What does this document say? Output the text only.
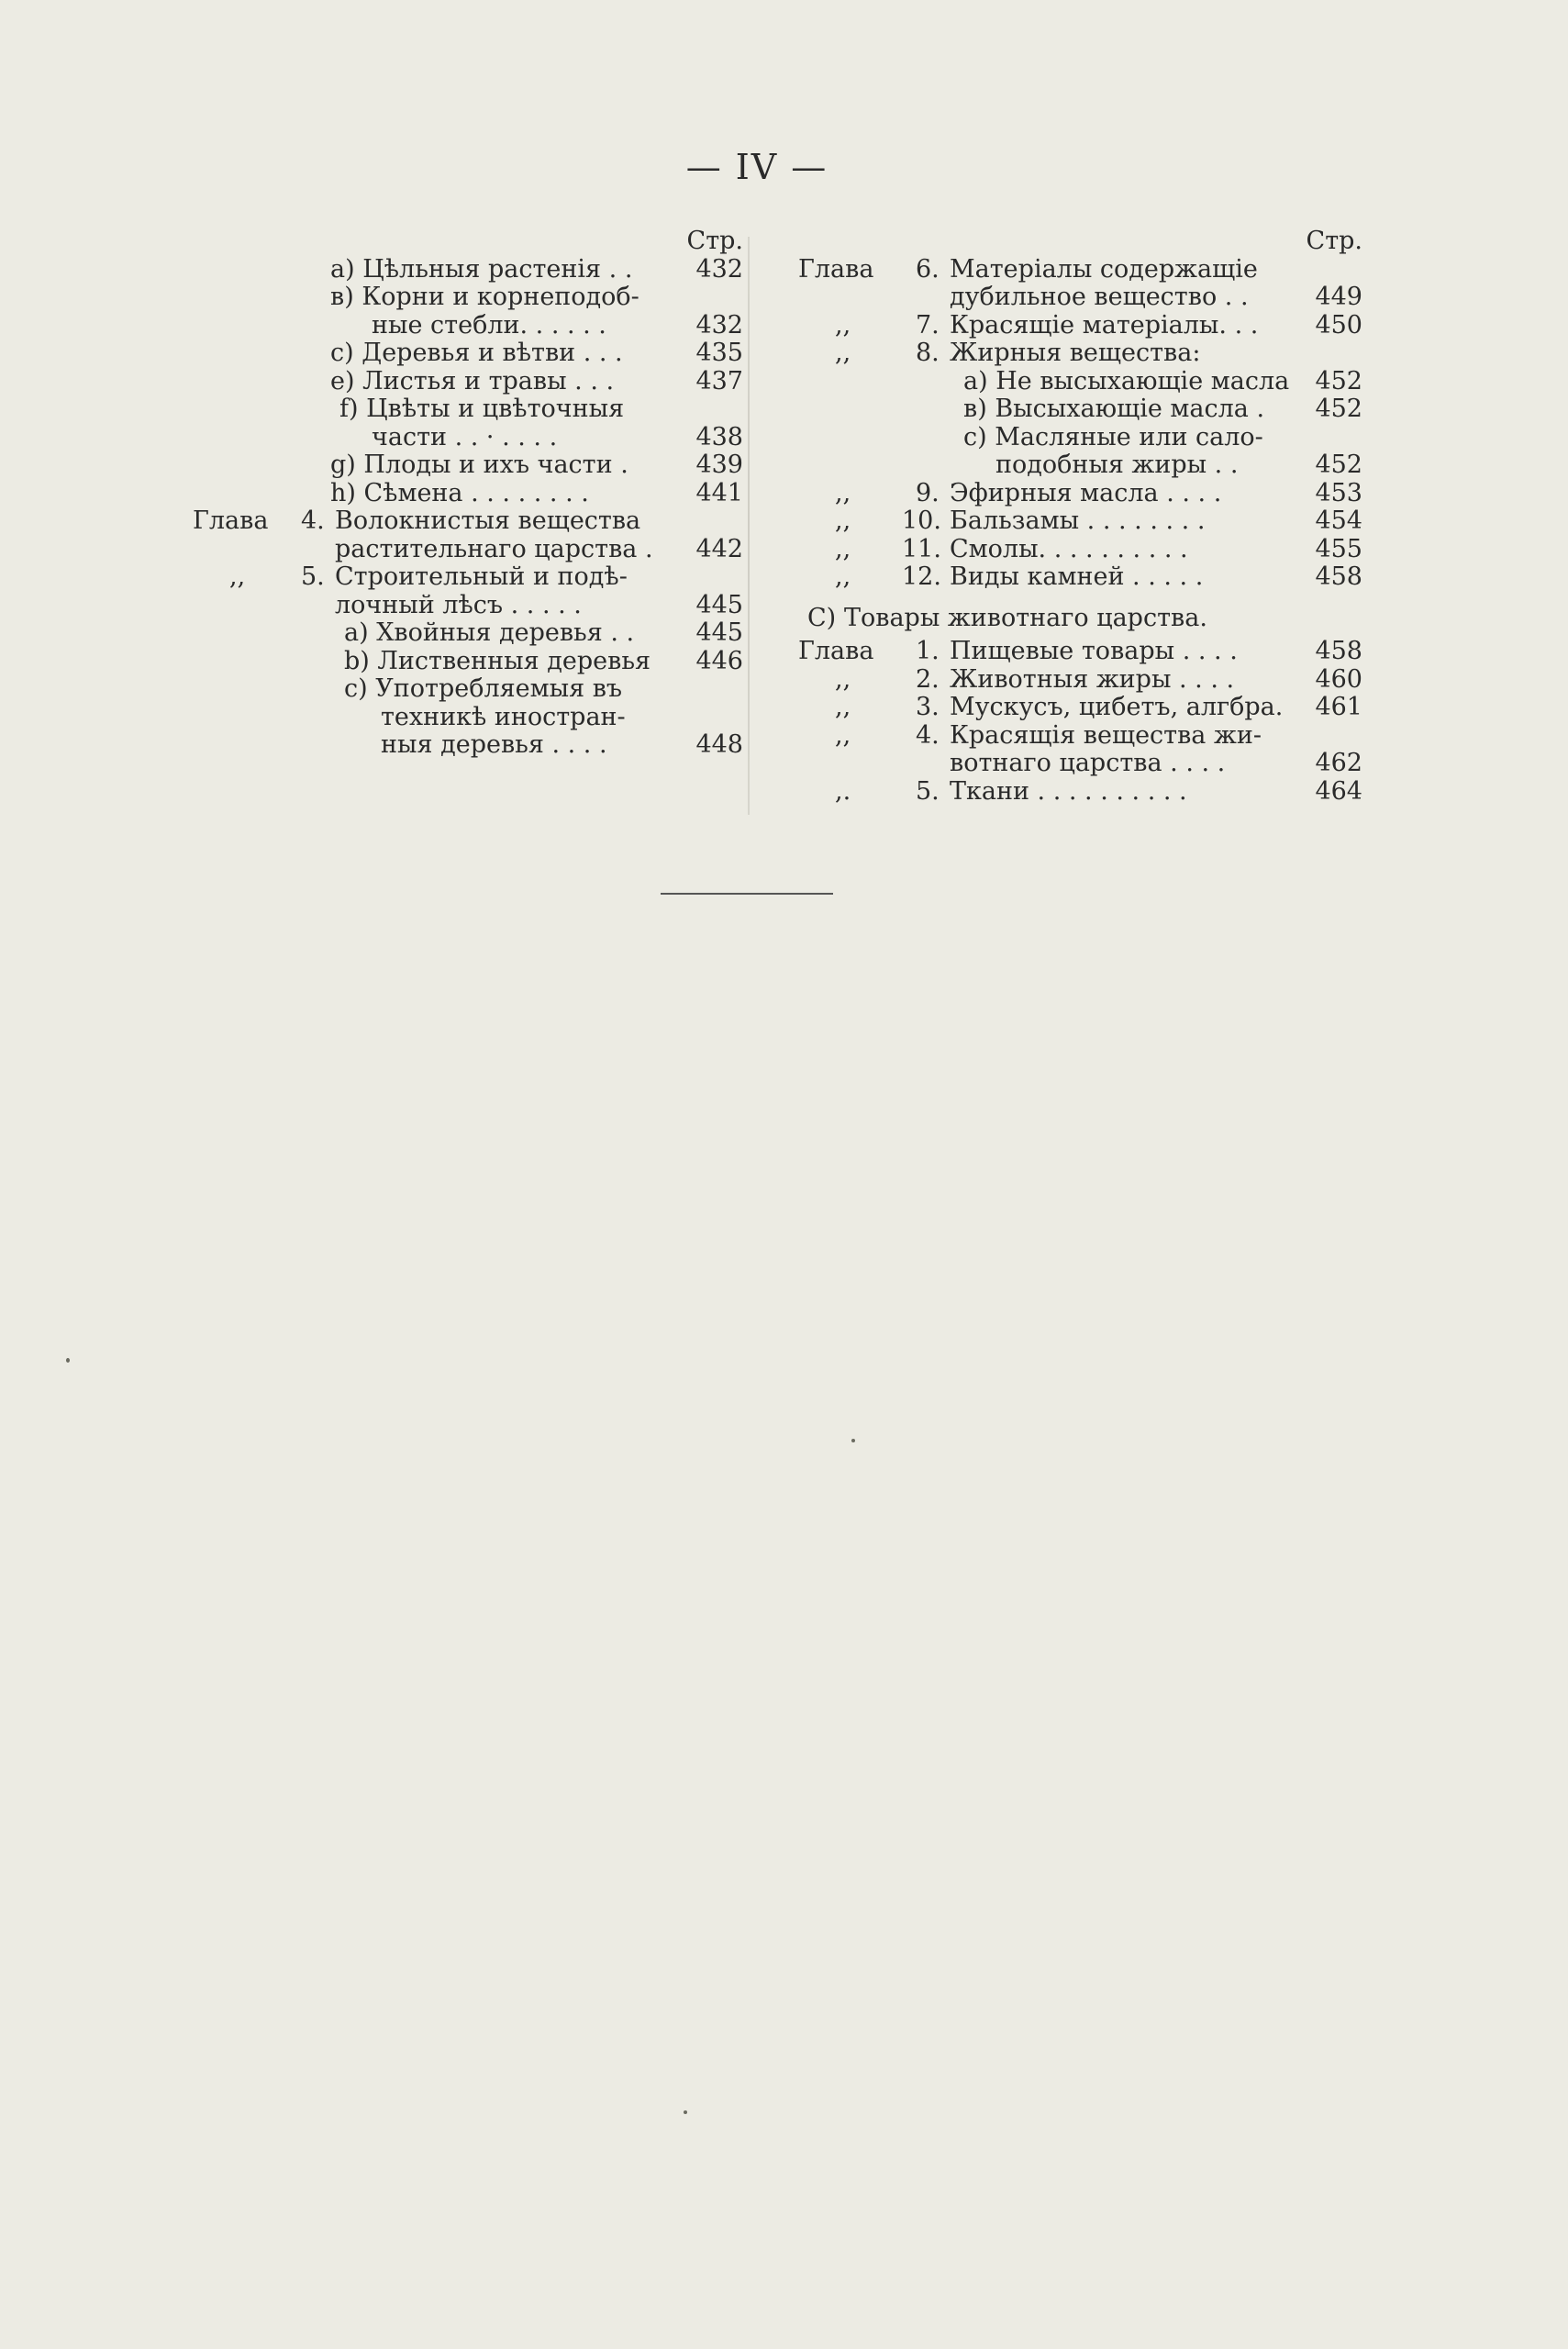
— IV —
Стр.
a) Цѣльныя растенія . .	432
в) Корни и корнеподоб-
ные стебли. . . . . .	432
c) Деревья и вѣтви . . .	435
e) Листья и травы . . .	437
f) Цвѣты и цвѣточныя
части . . · . . . .	438
g) Плоды и ихъ части .	439
h) Сѣмена . . . . . . . .	441
Глава 4. Волокнистыя вещества
растительнаго царства . 442
,, 5. Строительный и подѣ-
лочный лѣсъ . . . . .	445
a) Хвойныя деревья . . 445
b) Лиственныя деревья 446
c) Употребляемыя въ
техникѣ иностран-
ныя деревья . . . .	448
Стр.
Глава 6. Матеріалы содержащіе
дубильное вещество . .	449
,,	7. Красящіе матеріалы. . . 450
,,	8. Жирныя вещества:
a) Не высыхающіе масла 452
в) Высыхающіе масла . 452
c) Масляные или сало-
подобныя жиры . .	452
,,	9. Эфирныя масла . . . .	453
,, 10. Бальзамы . . . . . . . .	454
,, 11. Смолы. . . . . . . . . .	455
,, 12. Виды камней . . . . .	458
C) Товары животнаго царства.
Глава 1. Пищевые товары . . . .	458
,,	2. Животныя жиры . . . .	460
,,	3. Мускусъ, цибетъ, алгбра. 461
,,	4. Красящія вещества жи-
вотнаго царства . . . .	462
,.	5. Ткани . . . . . . . . . .	464
